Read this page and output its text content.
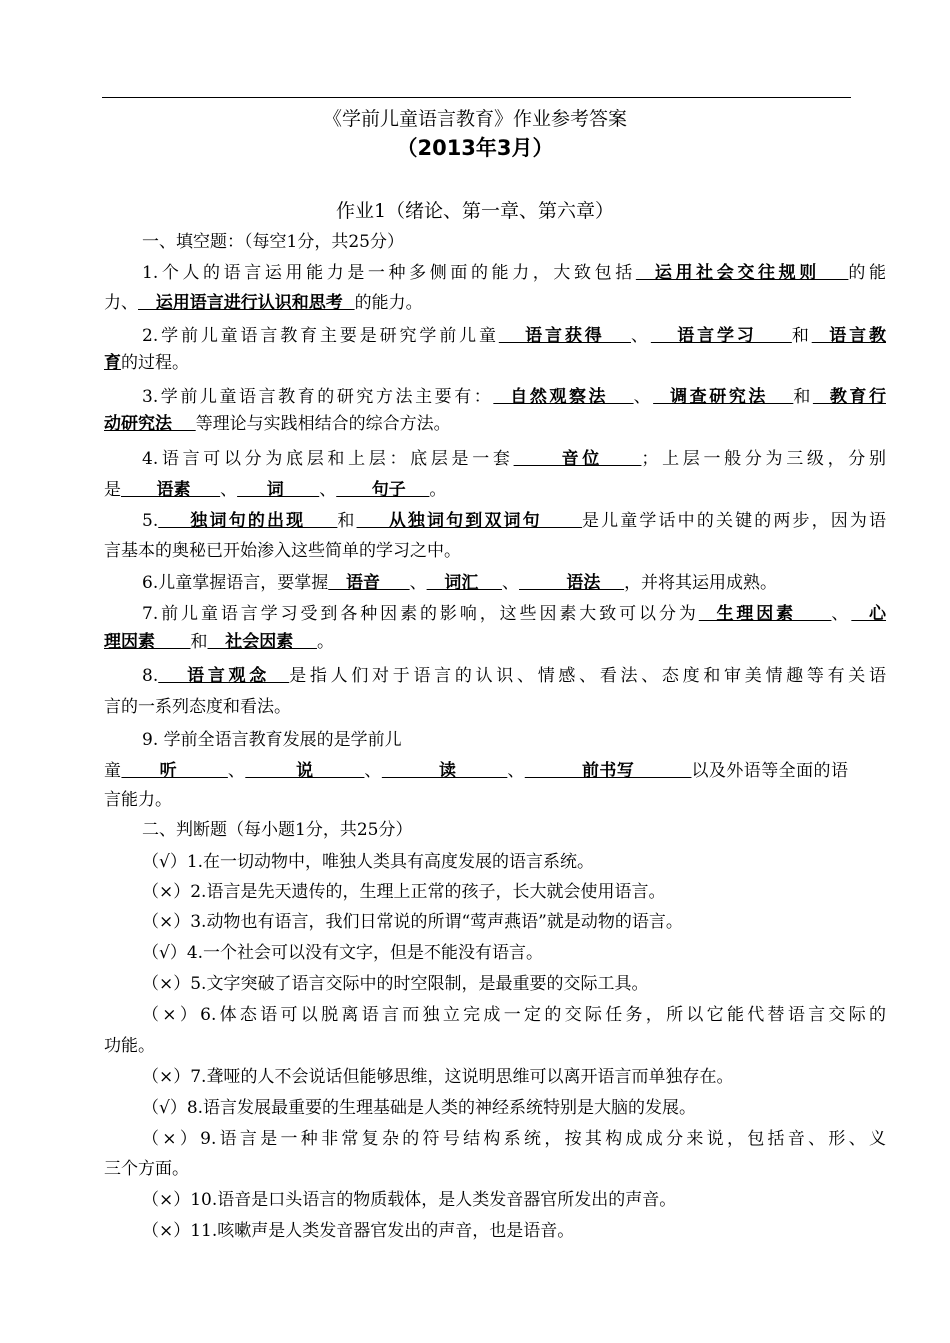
《学前儿童语言教育》作业参考答案
（2013年3月）
作业1（绪论、第一章、第六章）
一、填空题：（每空1分，共25分）
1.个人的语言运用能力是一种多侧面的能力，大致包括  运用社会交往规则   的能
力、   运用语言进行认识和思考  的能力。
2.学前儿童语言教育主要是研究学前儿童   语言获得   、   语言学习    和  语言教
育的过程。
3.学前儿童语言教育的研究方法主要有：  自然观察法   、  调查研究法   和  教育行
动研究法    等理论与实践相结合的综合方法。
4.语言可以分为底层和上层：底层是一套     音位    ；上层一般分为三级，分别
是      语素     、     词      、      句子    。
5.    独词句的出现    和    从独词句到双词句     是儿童学话中的关键的两步，因为语
言基本的奥秘已开始渗入这些简单的学习之中。
6.儿童掌握语言，要掌握   语音     、   词汇    、        语法    ，并将其运用成熟。
7.前儿童语言学习受到各种因素的影响，这些因素大致可以分为  生理因素    、  心
理因素      和   社会因素    。
8.   语言观念  是指人们对于语言的认识、情感、看法、态度和审美情趣等有关语
言的一系列态度和看法。
9. 学前全语言教育发展的是学前儿
童      听        、        说        、         读        、         前书写         以及外语等全面的语
言能力。
二、判断题（每小题1分，共25分）
（√）1.在一切动物中，唯独人类具有高度发展的语言系统。
（×）2.语言是先天遗传的，生理上正常的孩子，长大就会使用语言。
（×）3.动物也有语言，我们日常说的所谓“莺声燕语”就是动物的语言。
（√）4.一个社会可以没有文字，但是不能没有语言。
（×）5.文字突破了语言交际中的时空限制，是最重要的交际工具。
（×）6.体态语可以脱离语言而独立完成一定的交际任务，所以它能代替语言交际的
功能。
（×）7.聋哑的人不会说话但能够思维，这说明思维可以离开语言而单独存在。
（√）8.语言发展最重要的生理基础是人类的神经系统特别是大脑的发展。
（×）9.语言是一种非常复杂的符号结构系统，按其构成成分来说，包括音、形、义
三个方面。
（×）10.语音是口头语言的物质载体，是人类发音器官所发出的声音。
（×）11.咳嗽声是人类发音器官发出的声音，也是语音。
